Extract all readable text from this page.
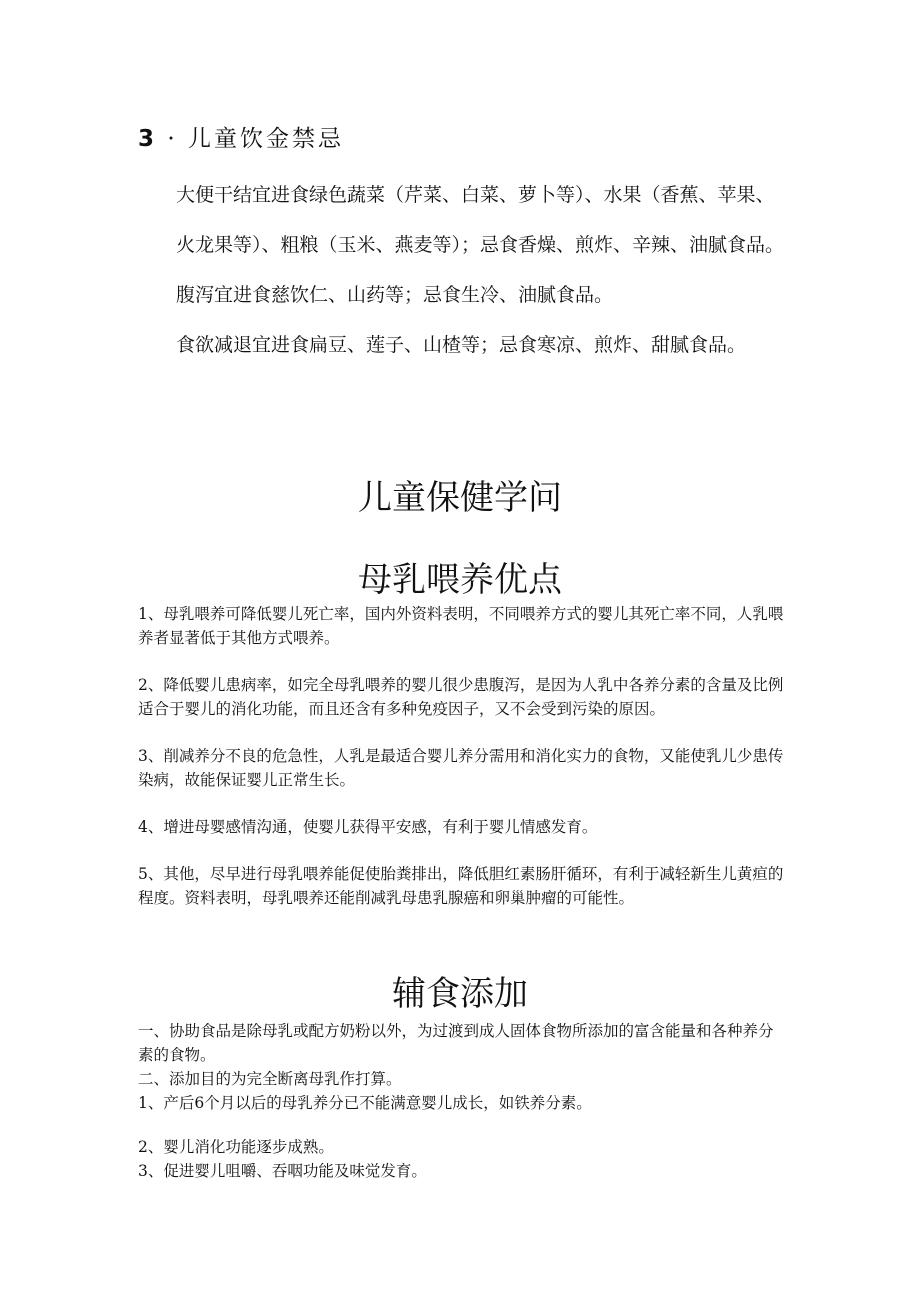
3 · 儿童饮金禁忌

大便干结宜进食绿色蔬菜（芹菜、白菜、萝卜等）、水果（香蕉、苹果、火龙果等）、粗粮（玉米、燕麦等）；忌食香燥、煎炸、辛辣、油腻食品。

腹泻宜进食慈饮仁、山药等；忌食生冷、油腻食品。

食欲减退宜进食扁豆、莲子、山楂等；忌食寒凉、煎炸、甜腻食品。

儿童保健学问
母乳喂养优点

1、母乳喂养可降低婴儿死亡率，国内外资料表明，不同喂养方式的婴儿其死亡率不同，人乳喂养者显著低于其他方式喂养。

2、降低婴儿患病率，如完全母乳喂养的婴儿很少患腹泻，是因为人乳中各养分素的含量及比例适合于婴儿的消化功能，而且还含有多种免疫因子，又不会受到污染的原因。

3、削减养分不良的危急性，人乳是最适合婴儿养分需用和消化实力的食物，又能使乳儿少患传染病，故能保证婴儿正常生长。

4、增进母婴感情沟通，使婴儿获得平安感，有利于婴儿情感发育。

5、其他，尽早进行母乳喂养能促使胎粪排出，降低胆红素肠肝循环，有利于减轻新生儿黄疸的程度。资料表明，母乳喂养还能削减乳母患乳腺癌和卵巢肿瘤的可能性。

辅食添加

一、协助食品是除母乳或配方奶粉以外，为过渡到成人固体食物所添加的富含能量和各种养分素的食物。

二、添加目的为完全断离母乳作打算。

1、产后6个月以后的母乳养分已不能满意婴儿成长，如铁养分素。

2、婴儿消化功能逐步成熟。

3、促进婴儿咀嚼、吞咽功能及味觉发育。
